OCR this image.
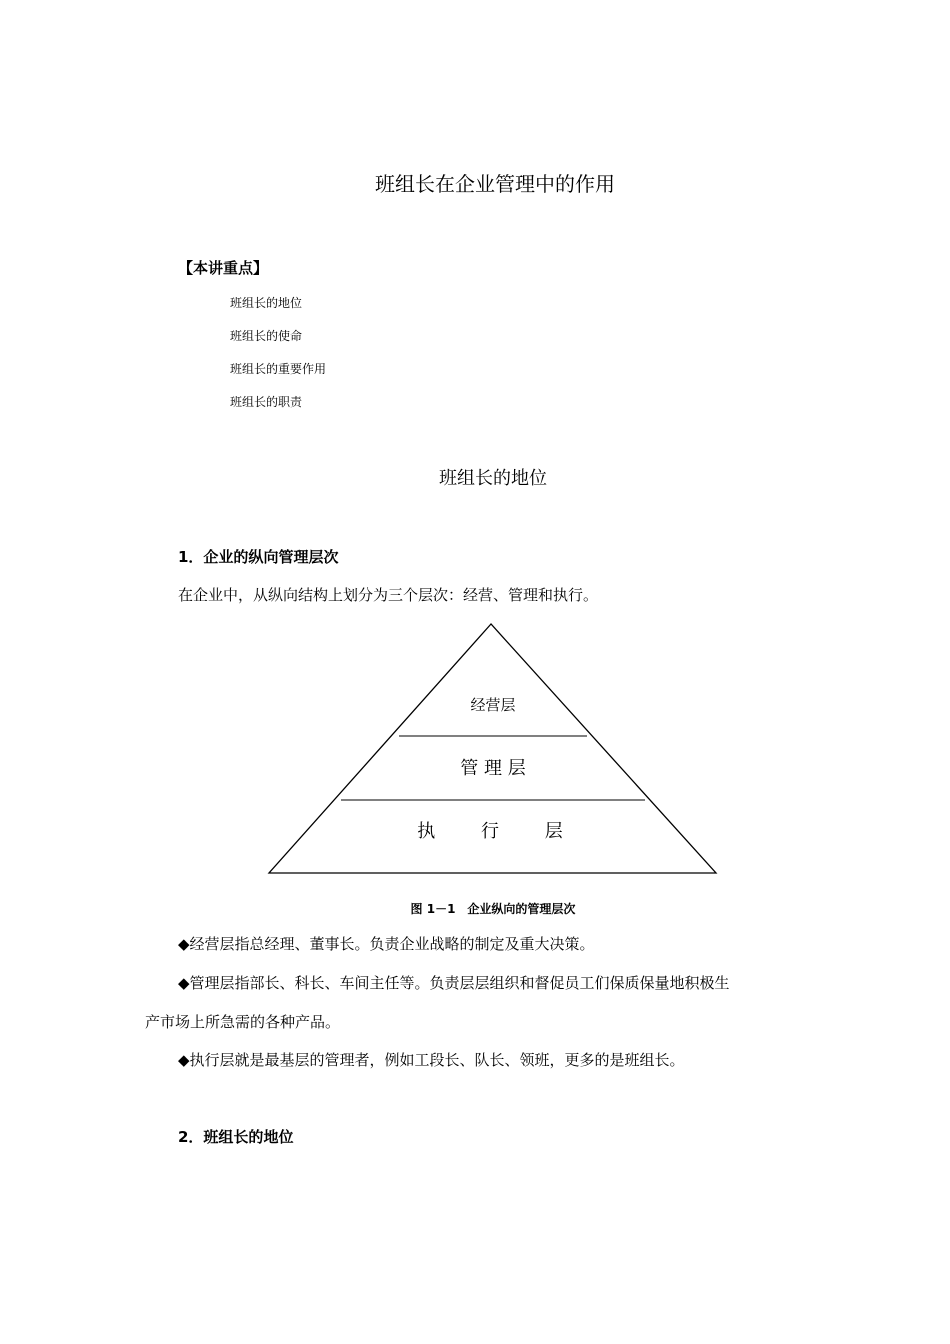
班组长在企业管理中的作用
【本讲重点】
班组长的地位
班组长的使命
班组长的重要作用
班组长的职责
班组长的地位
1．企业的纵向管理层次
在企业中，从纵向结构上划分为三个层次：经营、管理和执行。
经营层
管 理 层
执        行        层
图 1－1　企业纵向的管理层次
◆经营层指总经理、董事长。负责企业战略的制定及重大决策。
◆管理层指部长、科长、车间主任等。负责层层组织和督促员工们保质保量地积极生
产市场上所急需的各种产品。
◆执行层就是最基层的管理者，例如工段长、队长、领班，更多的是班组长。
2．班组长的地位
